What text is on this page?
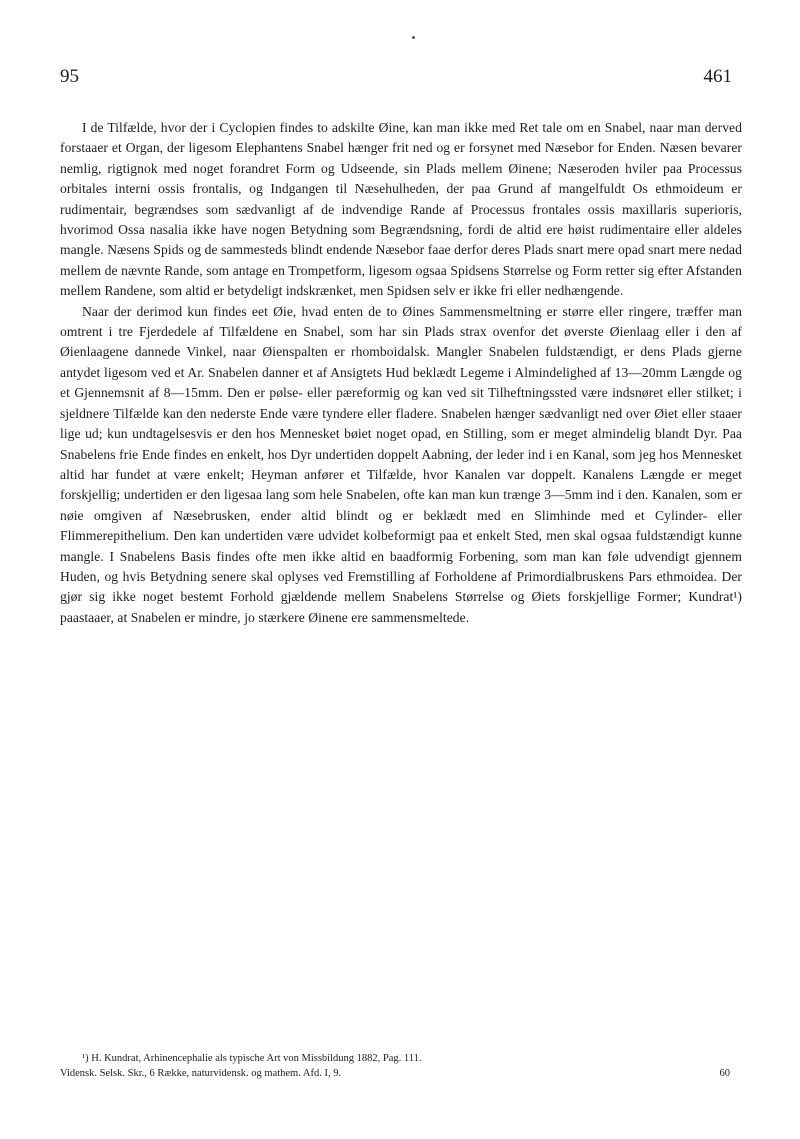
95	461

I de Tilfælde, hvor der i Cyclopien findes to adskilte Øine, kan man ikke med Ret tale om en Snabel, naar man derved forstaaer et Organ, der ligesom Elephantens Snabel hænger frit ned og er forsynet med Næsebor for Enden. Næsen bevarer nemlig, rigtignok med noget forandret Form og Udseende, sin Plads mellem Øinene; Næseroden hviler paa Processus orbitales interni ossis frontalis, og Indgangen til Næsehulheden, der paa Grund af mangelfuldt Os ethmoideum er rudimentair, begrændses som sædvanligt af de indvendige Rande af Processus frontales ossis maxillaris superioris, hvorimod Ossa nasalia ikke have nogen Betydning som Begrændsning, fordi de altid ere høist rudimentaire eller aldeles mangle. Næsens Spids og de sammesteds blindt endende Næsebor faae derfor deres Plads snart mere opad snart mere nedad mellem de nævnte Rande, som antage en Trompetform, ligesom ogsaa Spidsens Størrelse og Form retter sig efter Afstanden mellem Randene, som altid er betydeligt indskrænket, men Spidsen selv er ikke fri eller nedhængende.

Naar der derimod kun findes eet Øie, hvad enten de to Øines Sammensmeltning er større eller ringere, træffer man omtrent i tre Fjerdedele af Tilfældene en Snabel, som har sin Plads strax ovenfor det øverste Øienlaag eller i den af Øienlaagene dannede Vinkel, naar Øienspalten er rhomboidalsk. Mangler Snabelen fuldstændigt, er dens Plads gjerne antydet ligesom ved et Ar. Snabelen danner et af Ansigtets Hud beklædt Legeme i Almindelighed af 13—20mm Længde og et Gjennemsnit af 8—15mm. Den er pølse- eller pæreformig og kan ved sit Tilheftningssted være indsnøret eller stilket; i sjeldnere Tilfælde kan den nederste Ende være tyndere eller fladere. Snabelen hænger sædvanligt ned over Øiet eller staaer lige ud; kun undtagelsesvis er den hos Mennesket bøiet noget opad, en Stilling, som er meget almindelig blandt Dyr. Paa Snabelens frie Ende findes en enkelt, hos Dyr undertiden doppelt Aabning, der leder ind i en Kanal, som jeg hos Mennesket altid har fundet at være enkelt; Heyman anfører et Tilfælde, hvor Kanalen var doppelt. Kanalens Længde er meget forskjellig; undertiden er den ligesaa lang som hele Snabelen, ofte kan man kun trænge 3—5mm ind i den. Kanalen, som er nøie omgiven af Næsebrusken, ender altid blindt og er beklædt med en Slimhinde med et Cylinder- eller Flimmerepithelium. Den kan undertiden være udvidet kolbeformigt paa et enkelt Sted, men skal ogsaa fuldstændigt kunne mangle. I Snabelens Basis findes ofte men ikke altid en baadformig Forbening, som man kan føle udvendigt gjennem Huden, og hvis Betydning senere skal oplyses ved Fremstilling af Forholdene af Primordialbruskens Pars ethmoidea. Der gjør sig ikke noget bestemt Forhold gjældende mellem Snabelens Størrelse og Øiets forskjellige Former; Kundrat¹) paastaaer, at Snabelen er mindre, jo stærkere Øinene ere sammensmeltede.

¹) H. Kundrat, Arhinencephalie als typische Art von Missbildung 1882, Pag. 111.

Vidensk. Selsk. Skr., 6 Række, naturvidensk. og mathem. Afd. I, 9.	60
